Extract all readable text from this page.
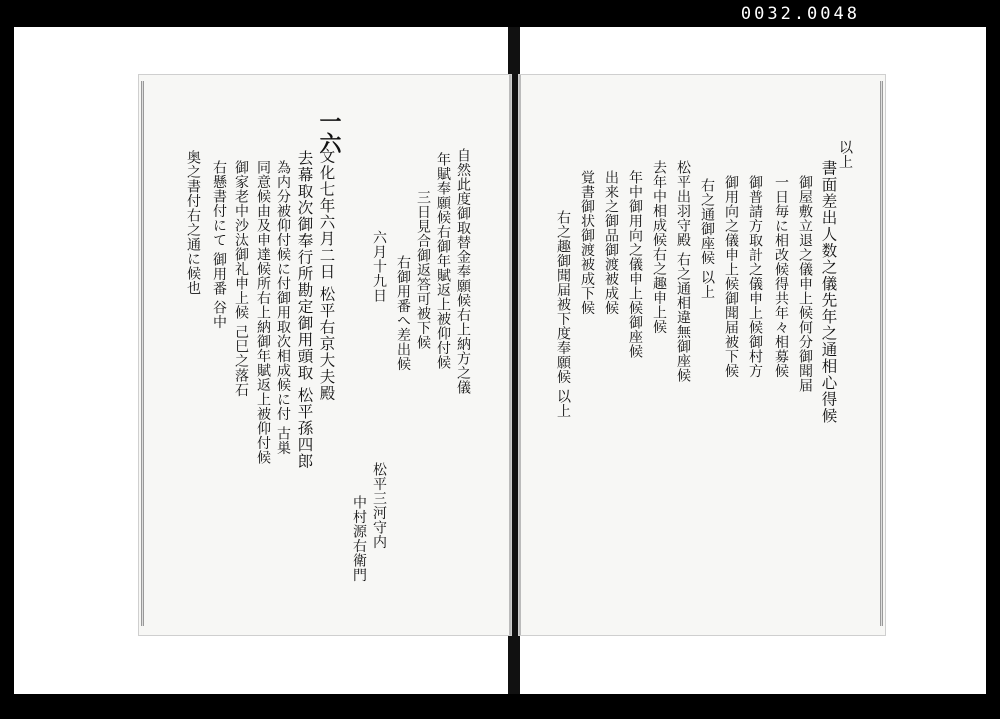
0032.0048
一六
文化七年六月二日 松平右京大夫殿
去幕取次御奉行所勘定御用頭取 松平孫四郎
為内分被仰付候に付御用取次相成候に付 古巣
同意候由及申達候所右上納御年賦返上被仰付候
御家老中沙汰御礼申上候 己巳之落石
右懸書付にて 御用番 谷中
奥之書付右之通に候也	自然此度御取替金奉願候右上納方之儀
年賦奉願候右御年賦返上被仰付候
三日見合御返答可被下候
右御用番へ差出候
六月十九日
松平三河守内
中村源右衛門
以上
書面差出人数之儀先年之通相心得候
御屋敷立退之儀申上候何分御聞届
一日毎に相改候得共年々相募候
御普請方取計之儀申上候御村方
御用向之儀申上候御聞届被下候
右之通御座候 以上
松平出羽守殿 右之通相違無御座候
去年中相成候右之趣申上候
年中御用向之儀申上候御座候
出来之御品御渡被成候
覚書御状御渡被成下候
右之趣御聞届被下度奉願候 以上
